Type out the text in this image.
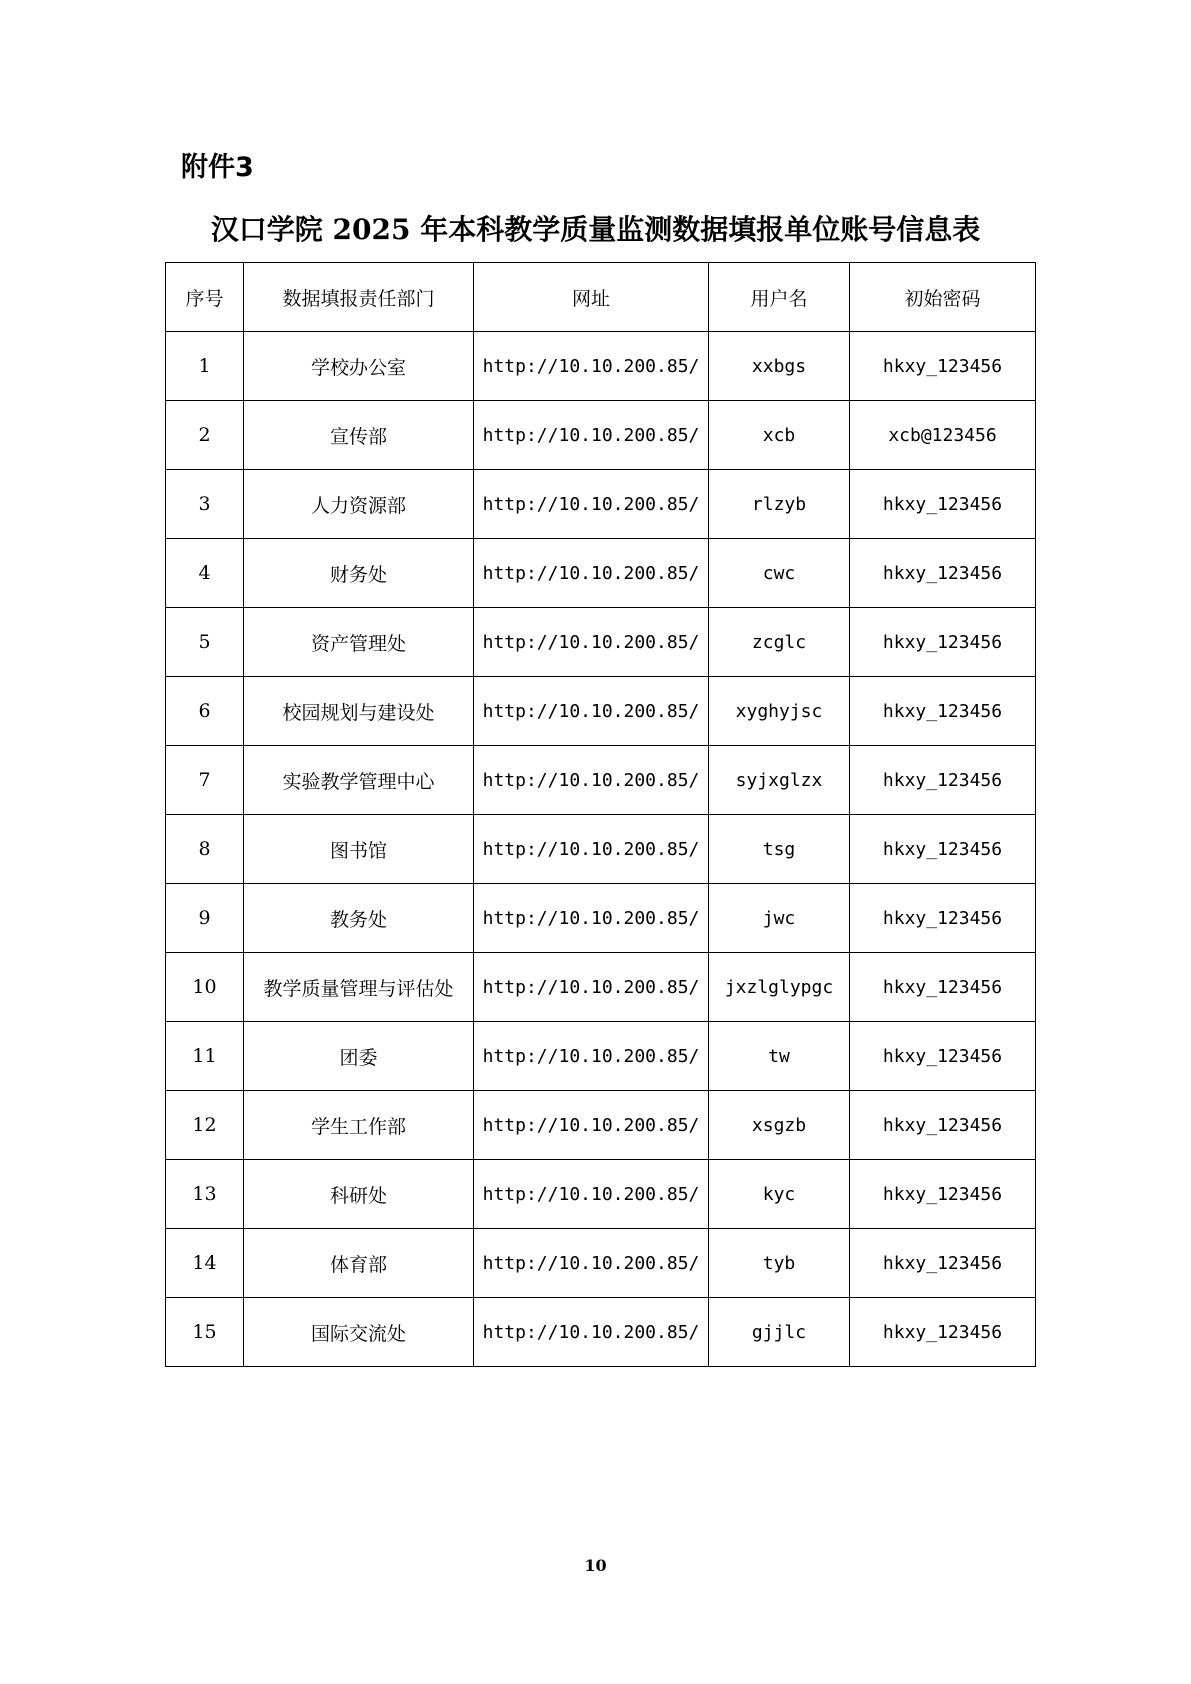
附件3

汉口学院 2025 年本科教学质量监测数据填报单位账号信息表
序号	数据填报责任部门	网址	用户名	初始密码
1	学校办公室	http://10.10.200.85/	xxbgs	hkxy_123456
2	宣传部	http://10.10.200.85/	xcb	xcb@123456
3	人力资源部	http://10.10.200.85/	rlzyb	hkxy_123456
4	财务处	http://10.10.200.85/	cwc	hkxy_123456
5	资产管理处	http://10.10.200.85/	zcglc	hkxy_123456
6	校园规划与建设处	http://10.10.200.85/	xyghyjsc	hkxy_123456
7	实验教学管理中心	http://10.10.200.85/	syjxglzx	hkxy_123456
8	图书馆	http://10.10.200.85/	tsg	hkxy_123456
9	教务处	http://10.10.200.85/	jwc	hkxy_123456
10	教学质量管理与评估处	http://10.10.200.85/	jxzlglypgc	hkxy_123456
11	团委	http://10.10.200.85/	tw	hkxy_123456
12	学生工作部	http://10.10.200.85/	xsgzb	hkxy_123456
13	科研处	http://10.10.200.85/	kyc	hkxy_123456
14	体育部	http://10.10.200.85/	tyb	hkxy_123456
15	国际交流处	http://10.10.200.85/	gjjlc	hkxy_123456

10
